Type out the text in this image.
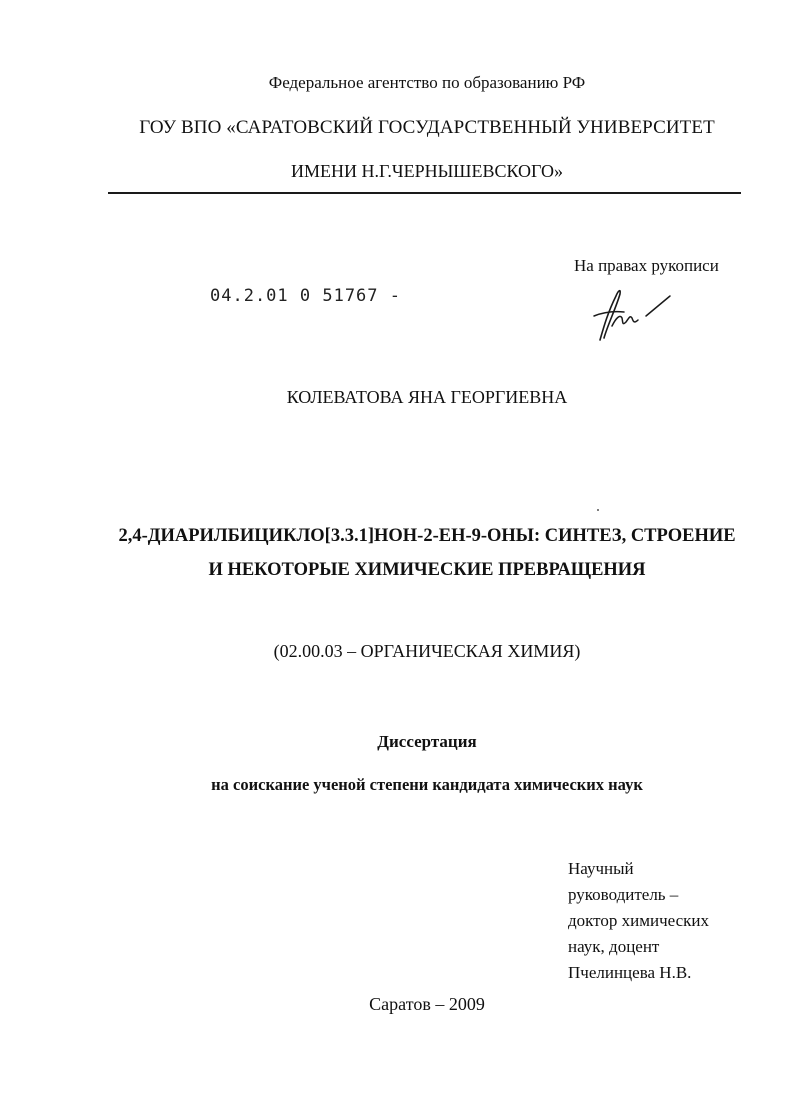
Федеральное агентство по образованию РФ
ГОУ ВПО «САРАТОВСКИЙ ГОСУДАРСТВЕННЫЙ УНИВЕРСИТЕТ
ИМЕНИ Н.Г.ЧЕРНЫШЕВСКОГО»
На правах рукописи
04.2.01 0 51767 -
КОЛЕВАТОВА ЯНА ГЕОРГИЕВНА
2,4-ДИАРИЛБИЦИКЛО[3.3.1]НОН-2-ЕН-9-ОНЫ: СИНТЕЗ, СТРОЕНИЕ
И НЕКОТОРЫЕ ХИМИЧЕСКИЕ ПРЕВРАЩЕНИЯ
(02.00.03 – ОРГАНИЧЕСКАЯ ХИМИЯ)
Диссертация
на соискание ученой степени кандидата химических наук
Научный
руководитель –
доктор химических
наук, доцент
Пчелинцева Н.В.
Саратов – 2009
